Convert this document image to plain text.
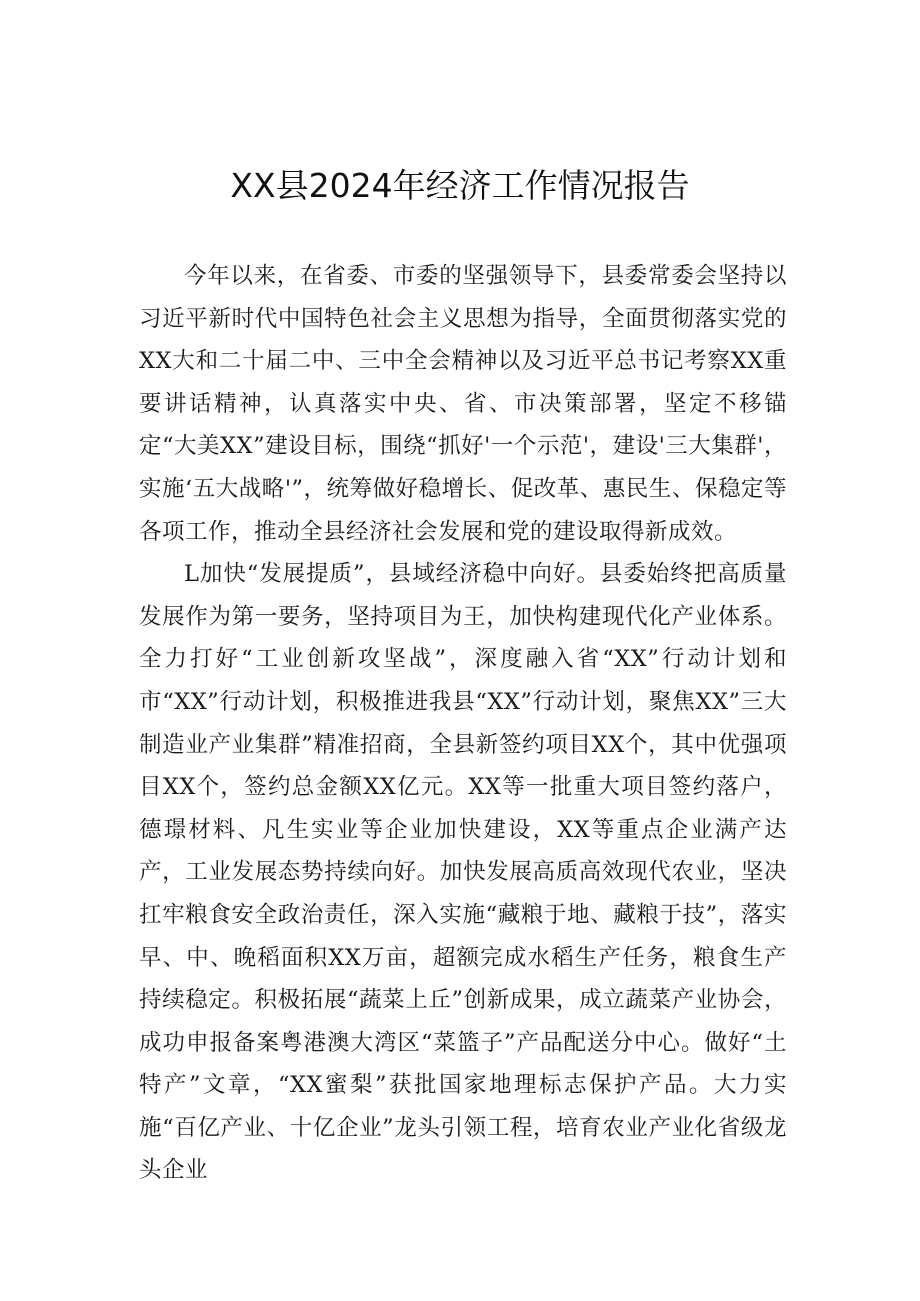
XX县2024年经济工作情况报告

今年以来，在省委、市委的坚强领导下，县委常委会坚持以习近平新时代中国特色社会主义思想为指导，全面贯彻落实党的XX大和二十届二中、三中全会精神以及习近平总书记考察XX重要讲话精神，认真落实中央、省、市决策部署，坚定不移锚定“大美XX”建设目标，围绕“抓好'一个示范'，建设'三大集群'，实施‘五大战略'”，统筹做好稳增长、促改革、惠民生、保稳定等各项工作，推动全县经济社会发展和党的建设取得新成效。

L加快“发展提质”，县域经济稳中向好。县委始终把高质量发展作为第一要务，坚持项目为王，加快构建现代化产业体系。全力打好“工业创新攻坚战”，深度融入省“XX”行动计划和市“XX”行动计划，积极推进我县“XX”行动计划，聚焦XX”三大制造业产业集群”精准招商，全县新签约项目XX个，其中优强项目XX个，签约总金额XX亿元。XX等一批重大项目签约落户，德璟材料、凡生实业等企业加快建设，XX等重点企业满产达产，工业发展态势持续向好。加快发展高质高效现代农业，坚决扛牢粮食安全政治责任，深入实施“藏粮于地、藏粮于技”，落实早、中、晚稻面积XX万亩，超额完成水稻生产任务，粮食生产持续稳定。积极拓展“蔬菜上丘”创新成果，成立蔬菜产业协会，成功申报备案粤港澳大湾区“菜篮子”产品配送分中心。做好“土特产”文章，“XX蜜梨”获批国家地理标志保护产品。大力实施“百亿产业、十亿企业”龙头引领工程，培育农业产业化省级龙头企业
